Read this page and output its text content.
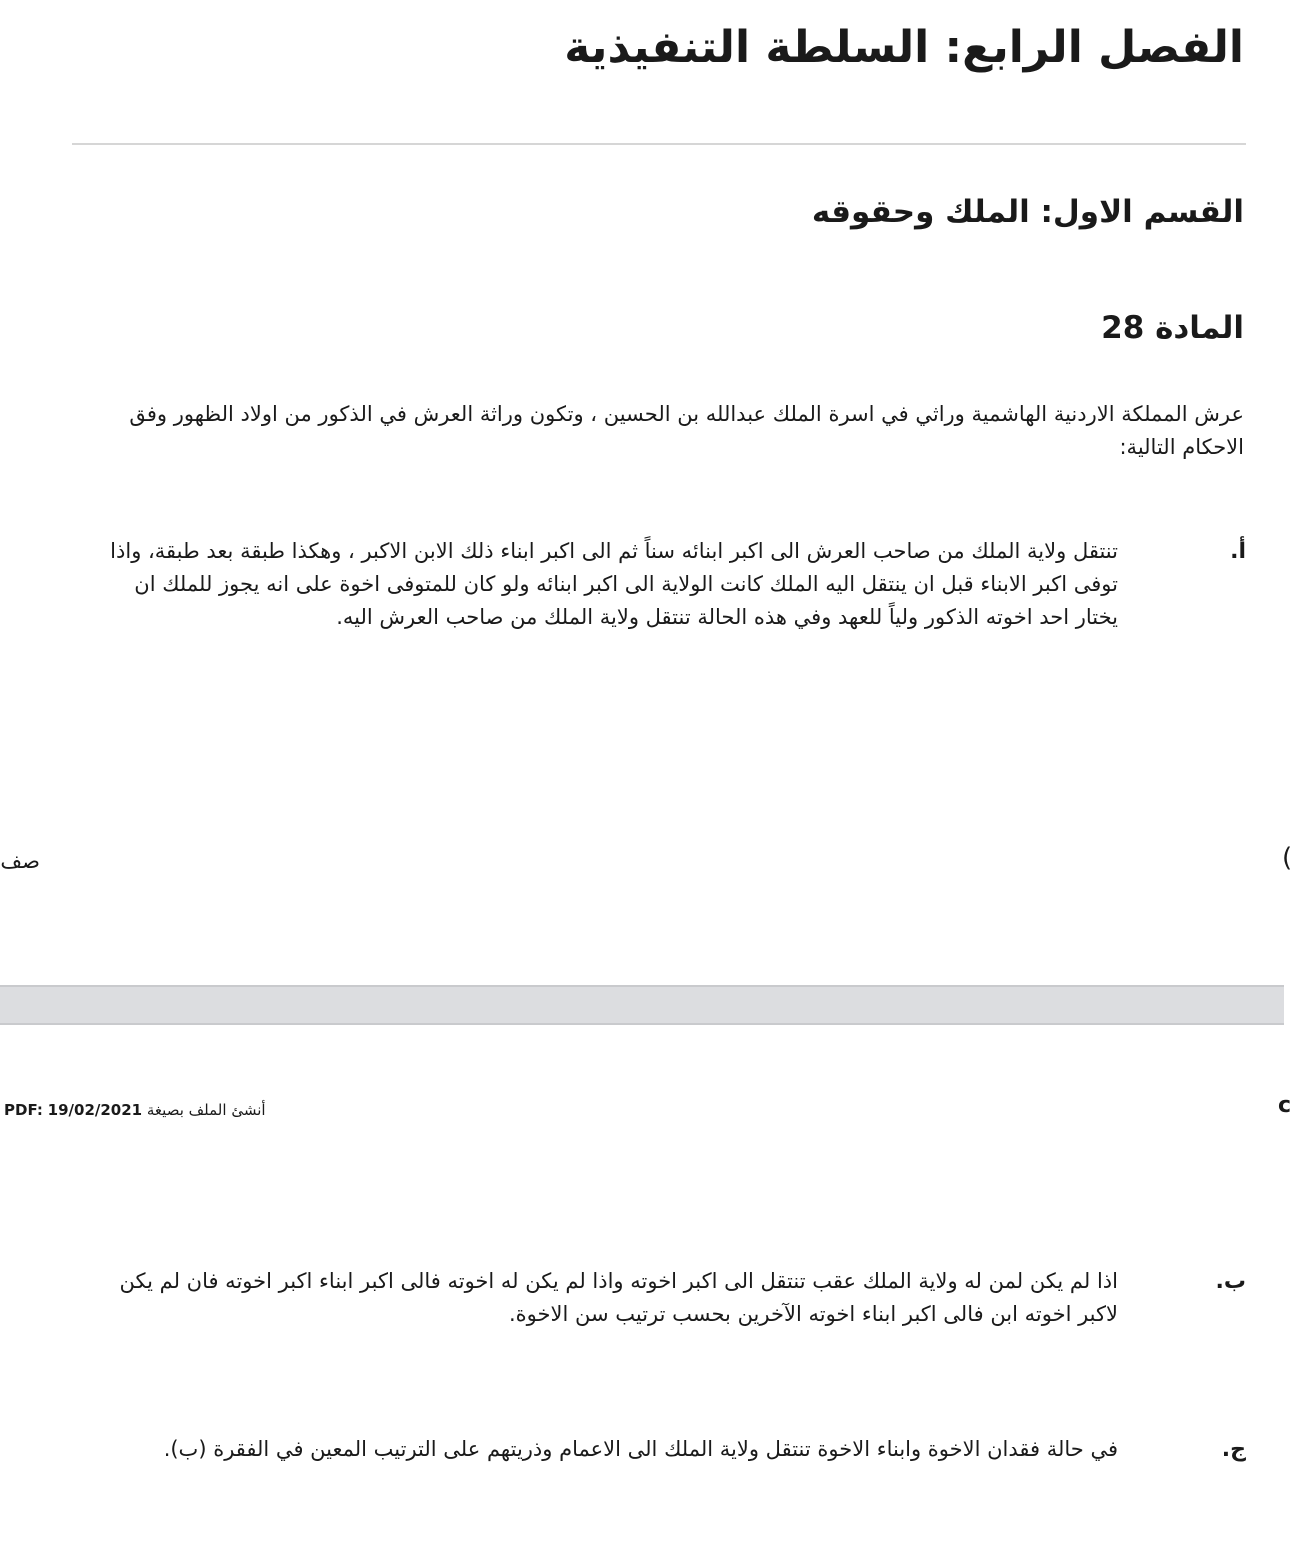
الفصل الرابع: السلطة التنفيذية
القسم الاول: الملك وحقوقه
المادة 28

عرش المملكة الاردنية الهاشمية وراثي في اسرة الملك عبدالله بن الحسين ، وتكون وراثة العرش في الذكور من اولاد الظهور وفق الاحكام التالية:

أ.

تنتقل ولاية الملك من صاحب العرش الى اكبر ابنائه سناً ثم الى اكبر ابناء ذلك الابن الاكبر ، وهكذا طبقة بعد طبقة، واذا توفى اكبر الابناء قبل ان ينتقل اليه الملك كانت الولاية الى اكبر ابنائه ولو كان للمتوفى اخوة على انه يجوز للملك ان يختار احد اخوته الذكور ولياً للعهد وفي هذه الحالة تنتقل ولاية الملك من صاحب العرش اليه.

صف	(
أنشئ الملف بصيغة PDF: 19/02/2021	c
ب.

اذا لم يكن لمن له ولاية الملك عقب تنتقل الى اكبر اخوته واذا لم يكن له اخوته فالى اكبر ابناء اكبر اخوته فان لم يكن لاكبر اخوته ابن فالى اكبر ابناء اخوته الآخرين بحسب ترتيب سن الاخوة.

ج.

في حالة فقدان الاخوة وابناء الاخوة تنتقل ولاية الملك الى الاعمام وذريتهم على الترتيب المعين في الفقرة (ب).
